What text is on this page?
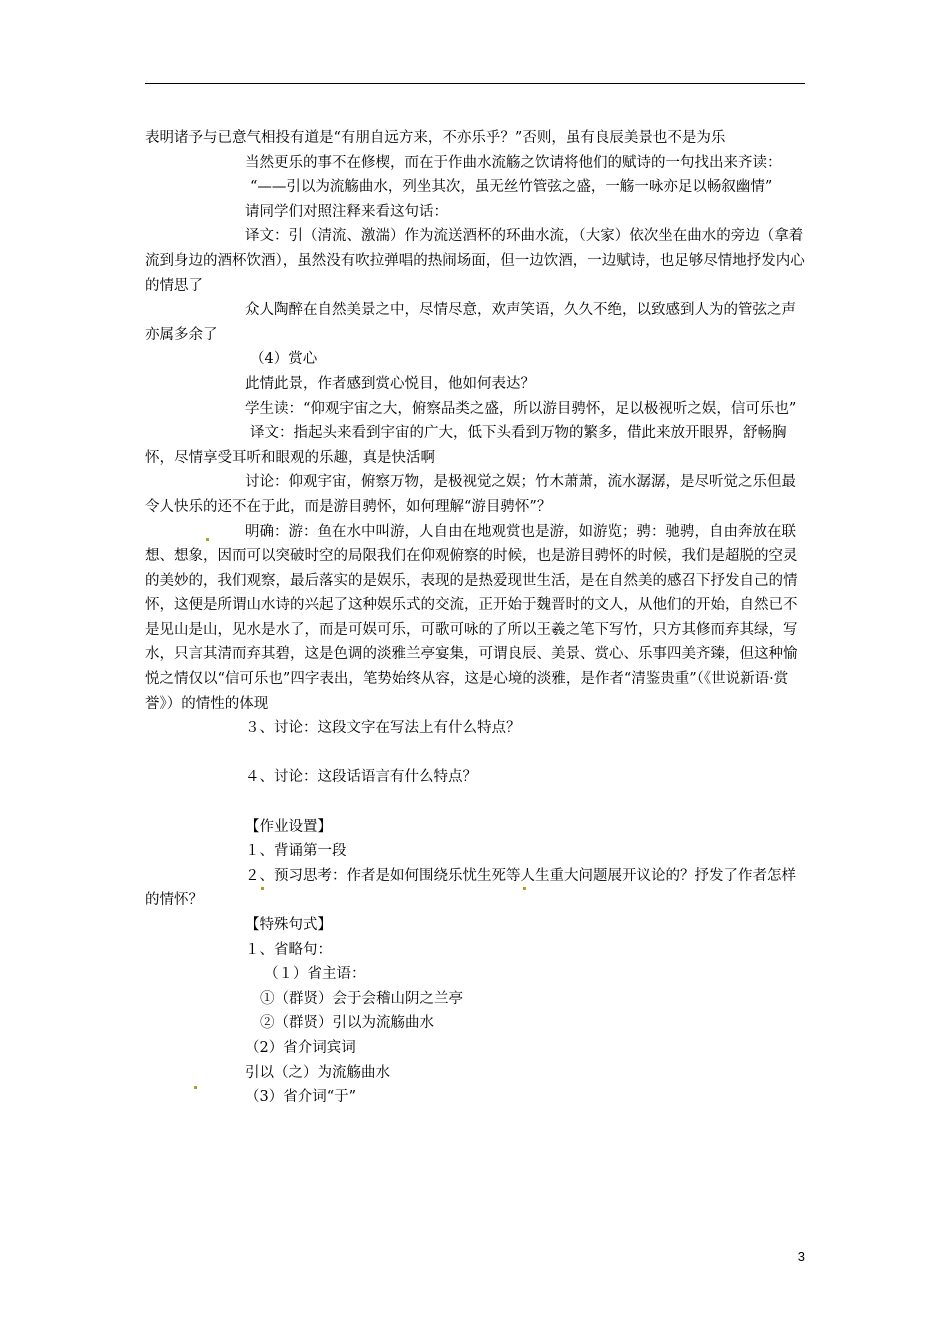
表明诸予与已意气相投有道是“有朋自远方来，不亦乐乎？”否则，虽有良辰美景也不是为乐

当然更乐的事不在修楔，而在于作曲水流觞之饮请将他们的赋诗的一句找出来齐读：

“——引以为流觞曲水，列坐其次，虽无丝竹管弦之盛，一觞一咏亦足以畅叙幽情”

请同学们对照注释来看这句话：

译文：引（清流、激湍）作为流送酒杯的环曲水流，（大家）依次坐在曲水的旁边（拿着流到身边的酒杯饮酒），虽然没有吹拉弹唱的热闹场面，但一边饮酒，一边赋诗，也足够尽情地抒发内心的情思了

众人陶醉在自然美景之中，尽情尽意，欢声笑语，久久不绝，以致感到人为的管弦之声亦属多余了

（4）赏心

此情此景，作者感到赏心悦目，他如何表达？

学生读：“仰观宇宙之大，俯察品类之盛，所以游目骋怀，足以极视听之娱，信可乐也”

译文：指起头来看到宇宙的广大，低下头看到万物的繁多，借此来放开眼界，舒畅胸怀，尽情享受耳听和眼观的乐趣，真是快活啊

讨论：仰观宇宙，俯察万物，是极视觉之娱；竹木萧萧，流水潺潺，是尽听觉之乐但最令人快乐的还不在于此，而是游目骋怀，如何理解“游目骋怀”？

明确：游：鱼在水中叫游，人自由在地观赏也是游，如游览；骋：驰骋，自由奔放在联想、想象，因而可以突破时空的局限我们在仰观俯察的时候，也是游目骋怀的时候，我们是超脱的空灵的美妙的，我们观察，最后落实的是娱乐，表现的是热爱现世生活，是在自然美的感召下抒发自己的情怀，这便是所谓山水诗的兴起了这种娱乐式的交流，正开始于魏晋时的文人，从他们的开始，自然已不是见山是山，见水是水了，而是可娱可乐，可歌可咏的了所以王羲之笔下写竹，只方其修而弃其绿，写水，只言其清而弃其碧，这是色调的淡雅兰亭宴集，可谓良辰、美景、赏心、乐事四美齐臻，但这种愉悦之情仅以“信可乐也”四字表出，笔势始终从容，这是心境的淡雅，是作者“清鉴贵重”（《世说新语·赏誉》）的情性的体现

３、讨论：这段文字在写法上有什么特点？

４、讨论：这段话语言有什么特点？

【作业设置】

１、背诵第一段

２、预习思考：作者是如何围绕乐忧生死等人生重大问题展开议论的？抒发了作者怎样的情怀？

【特殊句式】

１、省略句：

（１）省主语：

①（群贤）会于会稽山阴之兰亭

②（群贤）引以为流觞曲水

（2）省介词宾词

引以（之）为流觞曲水

（3）省介词“于”

3
